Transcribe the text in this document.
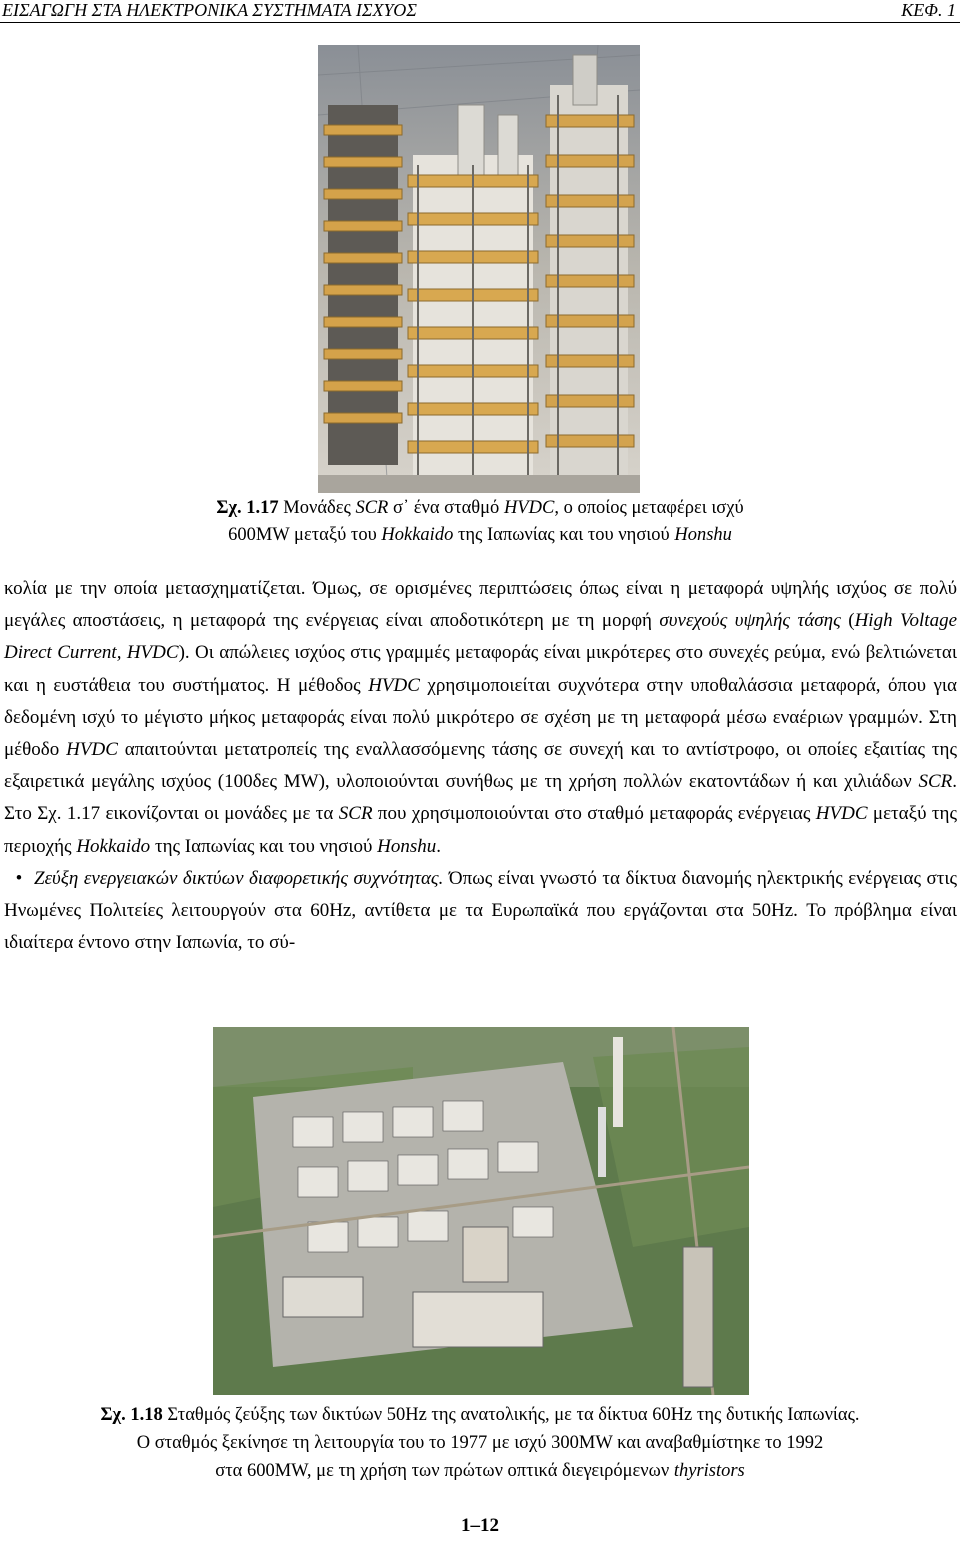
ΕΙΣΑΓΩΓΗ ΣΤΑ ΗΛΕΚΤΡΟΝΙΚΑ ΣΥΣΤΗΜΑΤΑ ΙΣΧΥΟΣ	ΚΕΦ. 1
Σχ. 1.17 Μονάδες SCR σ᾽ ένα σταθμό HVDC, ο οποίος μεταφέρει ισχύ
600MW μεταξύ του Hokkaido της Ιαπωνίας και του νησιού Honshu

κολία με την οποία μετασχηματίζεται. Όμως, σε ορισμένες περιπτώσεις όπως είναι η μεταφορά υψηλής ισχύος σε πολύ μεγάλες αποστάσεις, η μεταφορά της ενέργειας είναι αποδοτικότερη με τη μορφή συνεχούς υψηλής τάσης (High Voltage Direct Current, HVDC). Οι απώλειες ισχύος στις γραμμές μεταφοράς είναι μικρότερες στο συνεχές ρεύμα, ενώ βελτιώνεται και η ευστάθεια του συστήματος. Η μέθοδος HVDC χρησιμοποιείται συχνότερα στην υποθαλάσσια μεταφορά, όπου για δεδομένη ισχύ το μέγιστο μήκος μεταφοράς είναι πολύ μικρότερο σε σχέση με τη μεταφορά μέσω εναέριων γραμμών. Στη μέθοδο HVDC απαιτούνται μετατροπείς της εναλλασσόμενης τάσης σε συνεχή και το αντίστροφο, οι οποίες εξαιτίας της εξαιρετικά μεγάλης ισχύος (100δες MW), υλοποιούνται συνήθως με τη χρήση πολλών εκατοντάδων ή και χιλιάδων SCR. Στο Σχ. 1.17 εικονίζονται οι μονάδες με τα SCR που χρησιμοποιούνται στο σταθμό μεταφοράς ενέργειας HVDC μεταξύ της περιοχής Hokkaido της Ιαπωνίας και του νησιού Honshu.

• Ζεύξη ενεργειακών δικτύων διαφορετικής συχνότητας. Όπως είναι γνωστό τα δίκτυα διανομής ηλεκτρικής ενέργειας στις Ηνωμένες Πολιτείες λειτουργούν στα 60Hz, αντίθετα με τα Ευρωπαϊκά που εργάζονται στα 50Hz. Το πρόβλημα είναι ιδιαίτερα έντονο στην Ιαπωνία, το σύ-

Σχ. 1.18 Σταθμός ζεύξης των δικτύων 50Hz της ανατολικής, με τα δίκτυα 60Hz της δυτικής Ιαπωνίας.
Ο σταθμός ξεκίνησε τη λειτουργία του το 1977 με ισχύ 300MW και αναβαθμίστηκε το 1992
στα 600MW, με τη χρήση των πρώτων οπτικά διεγειρόμενων thyristors
1–12
